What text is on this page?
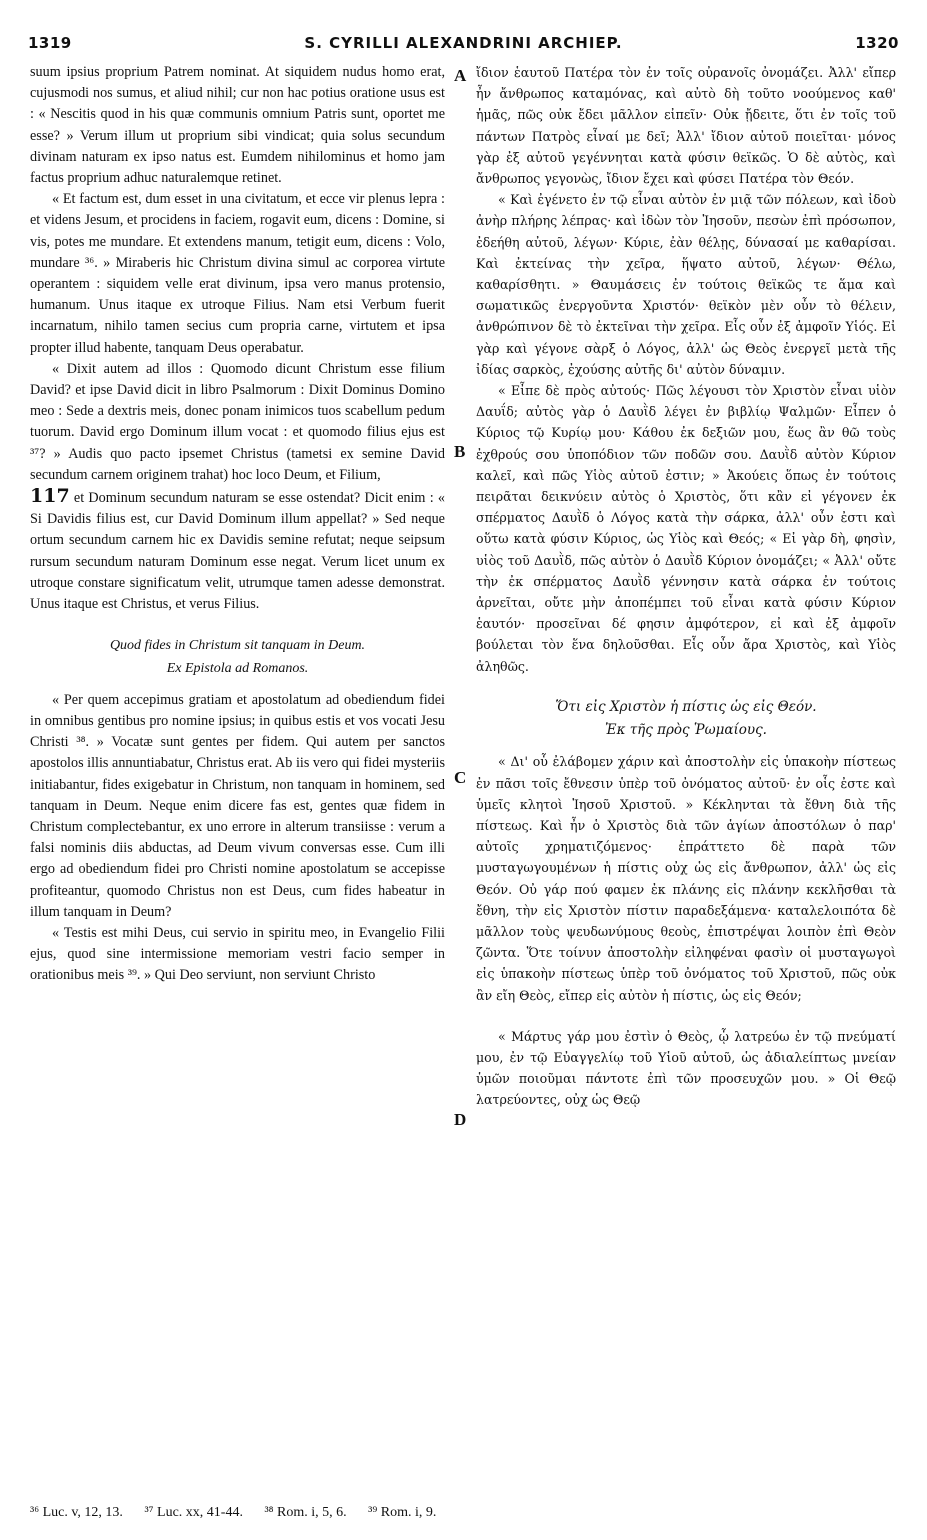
1319	S. CYRILLI ALEXANDRINI ARCHIEP.	1320

suum ipsius proprium Patrem nominat. At siquidem nudus homo erat, cujusmodi nos sumus, et aliud nihil; cur non hac potius oratione usus est : « Nescitis quod in his quæ communis omnium Patris sunt, oportet me esse? » Verum illum ut proprium sibi vindicat; quia solus secundum divinam naturam ex ipso natus est. Eumdem nihilominus et homo jam factus proprium adhuc naturalemque retinet.

« Et factum est, dum esset in una civitatum, et ecce vir plenus lepra : et videns Jesum, et procidens in faciem, rogavit eum, dicens : Domine, si vis, potes me mundare. Et extendens manum, tetigit eum, dicens : Volo, mundare ³⁶. » Miraberis hic Christum divina simul ac corporea virtute operantem : siquidem velle erat divinum, ipsa vero manus protensio, humanum. Unus itaque ex utroque Filius. Nam etsi Verbum fuerit incarnatum, nihilo tamen secius cum propria carne, virtutem et ipsa propter illud habente, tanquam Deus operabatur.

« Dixit autem ad illos : Quomodo dicunt Christum esse filium David? et ipse David dicit in libro Psalmorum : Dixit Dominus Domino meo : Sede a dextris meis, donec ponam inimicos tuos scabellum pedum tuorum. David ergo Dominum illum vocat : et quomodo filius ejus est ³⁷? » Audis quo pacto ipsemet Christus (tametsi ex semine David secundum carnem originem trahat) hoc loco Deum, et Filium,

117 et Dominum secundum naturam se esse ostendat? Dicit enim : « Si Davidis filius est, cur David Dominum illum appellat? » Sed neque ortum secundum carnem hic ex Davidis semine refutat; neque seipsum rursum secundum naturam Dominum esse negat. Verum licet unum ex utroque constare significatum velit, utrumque tamen adesse demonstrat. Unus itaque est Christus, et verus Filius.

Quod fides in Christum sit tanquam in Deum.

Ex Epistola ad Romanos.

« Per quem accepimus gratiam et apostolatum ad obediendum fidei in omnibus gentibus pro nomine ipsius; in quibus estis et vos vocati Jesu Christi ³⁸. » Vocatæ sunt gentes per fidem. Qui autem per sanctos apostolos illis annuntiabatur, Christus erat. Ab iis vero qui fidei mysteriis initiabantur, fides exigebatur in Christum, non tanquam in hominem, sed tanquam in Deum. Neque enim dicere fas est, gentes quæ fidem in Christum complectebantur, ex uno errore in alterum transiisse : verum a falsi nominis diis abductas, ad Deum vivum conversas esse. Cum illi ergo ad obediendum fidei pro Christi nomine apostolatum se accepisse profiteantur, quomodo Christus non est Deus, cum fides habeatur in illum tanquam in Deum?

« Testis est mihi Deus, cui servio in spiritu meo, in Evangelio Filii ejus, quod sine intermissione memoriam vestri facio semper in orationibus meis ³⁹. » Qui Deo serviunt, non serviunt Christo

ἴδιον ἑαυτοῦ Πατέρα τὸν ἐν τοῖς οὐρανοῖς ὀνομάζει. Ἀλλ' εἴπερ ἦν ἄνθρωπος καταμόνας, καὶ αὐτὸ δὴ τοῦτο νοούμενος καθ' ἡμᾶς, πῶς οὐκ ἔδει μᾶλλον εἰπεῖν· Οὐκ ᾔδειτε, ὅτι ἐν τοῖς τοῦ πάντων Πατρὸς εἶναί με δεῖ; Ἀλλ' ἴδιον αὐτοῦ ποιεῖται· μόνος γὰρ ἐξ αὐτοῦ γεγέννηται κατὰ φύσιν θεϊκῶς. Ὁ δὲ αὐτὸς, καὶ ἄνθρωπος γεγονὼς, ἴδιον ἔχει καὶ φύσει Πατέρα τὸν Θεόν.

« Καὶ ἐγένετο ἐν τῷ εἶναι αὐτὸν ἐν μιᾷ τῶν πόλεων, καὶ ἰδοὺ ἀνὴρ πλήρης λέπρας· καὶ ἰδὼν τὸν Ἰησοῦν, πεσὼν ἐπὶ πρόσωπον, ἐδεήθη αὐτοῦ, λέγων· Κύριε, ἐὰν θέλῃς, δύνασαί με καθαρίσαι. Καὶ ἐκτείνας τὴν χεῖρα, ἥψατο αὐτοῦ, λέγων· Θέλω, καθαρίσθητι. » Θαυμάσεις ἐν τούτοις θεϊκῶς τε ἅμα καὶ σωματικῶς ἐνεργοῦντα Χριστόν· θεϊκὸν μὲν οὖν τὸ θέλειν, ἀνθρώπινον δὲ τὸ ἐκτεῖναι τὴν χεῖρα. Εἷς οὖν ἐξ ἀμφοῖν Υἱός. Εἰ γὰρ καὶ γέγονε σὰρξ ὁ Λόγος, ἀλλ' ὡς Θεὸς ἐνεργεῖ μετὰ τῆς ἰδίας σαρκὸς, ἐχούσης αὐτῆς δι' αὐτὸν δύναμιν.

« Εἶπε δὲ πρὸς αὐτούς· Πῶς λέγουσι τὸν Χριστὸν εἶναι υἱὸν Δαυΐδ; αὐτὸς γὰρ ὁ Δαυῒδ λέγει ἐν βιβλίῳ Ψαλμῶν· Εἶπεν ὁ Κύριος τῷ Κυρίῳ μου· Κάθου ἐκ δεξιῶν μου, ἕως ἂν θῶ τοὺς ἐχθρούς σου ὑποπόδιον τῶν ποδῶν σου. Δαυῒδ αὐτὸν Κύριον καλεῖ, καὶ πῶς Υἱὸς αὐτοῦ ἐστιν; » Ἀκούεις ὅπως ἐν τούτοις πειρᾶται δεικνύειν αὐτὸς ὁ Χριστὸς, ὅτι κἂν εἰ γέγονεν ἐκ σπέρματος Δαυῒδ ὁ Λόγος κατὰ τὴν σάρκα, ἀλλ' οὖν ἐστι καὶ οὕτω κατὰ φύσιν Κύριος, ὡς Υἱὸς καὶ Θεός; « Εἰ γὰρ δὴ, φησὶν, υἱὸς τοῦ Δαυῒδ, πῶς αὐτὸν ὁ Δαυῒδ Κύριον ὀνομάζει; « Ἀλλ' οὔτε τὴν ἐκ σπέρματος Δαυῒδ γέννησιν κατὰ σάρκα ἐν τούτοις ἀρνεῖται, οὔτε μὴν ἀποπέμπει τοῦ εἶναι κατὰ φύσιν Κύριον ἑαυτόν· προσεῖναι δέ φησιν ἀμφότερον, εἰ καὶ ἐξ ἀμφοῖν βούλεται τὸν ἕνα δηλοῦσθαι. Εἷς οὖν ἄρα Χριστὸς, καὶ Υἱὸς ἀληθῶς.

Ὅτι εἰς Χριστὸν ἡ πίστις ὡς εἰς Θεόν.

Ἐκ τῆς πρὸς Ῥωμαίους.

« Δι' οὗ ἐλάβομεν χάριν καὶ ἀποστολὴν εἰς ὑπακοὴν πίστεως ἐν πᾶσι τοῖς ἔθνεσιν ὑπὲρ τοῦ ὀνόματος αὐτοῦ· ἐν οἷς ἐστε καὶ ὑμεῖς κλητοὶ Ἰησοῦ Χριστοῦ. » Κέκληνται τὰ ἔθνη διὰ τῆς πίστεως. Καὶ ἦν ὁ Χριστὸς διὰ τῶν ἁγίων ἀποστόλων ὁ παρ' αὐτοῖς χρηματιζόμενος· ἐπράττετο δὲ παρὰ τῶν μυσταγωγουμένων ἡ πίστις οὐχ ὡς εἰς ἄνθρωπον, ἀλλ' ὡς εἰς Θεόν. Οὐ γάρ πού φαμεν ἐκ πλάνης εἰς πλάνην κεκλῆσθαι τὰ ἔθνη, τὴν εἰς Χριστὸν πίστιν παραδεξάμενα· καταλελοιπότα δὲ μᾶλλον τοὺς ψευδωνύμους θεοὺς, ἐπιστρέψαι λοιπὸν ἐπὶ Θεὸν ζῶντα. Ὅτε τοίνυν ἀποστολὴν εἰληφέναι φασὶν οἱ μυσταγωγοὶ εἰς ὑπακοὴν πίστεως ὑπὲρ τοῦ ὀνόματος τοῦ Χριστοῦ, πῶς οὐκ ἂν εἴη Θεὸς, εἴπερ εἰς αὐτὸν ἡ πίστις, ὡς εἰς Θεόν;

« Μάρτυς γάρ μου ἐστὶν ὁ Θεὸς, ᾧ λατρεύω ἐν τῷ πνεύματί μου, ἐν τῷ Εὐαγγελίῳ τοῦ Υἱοῦ αὐτοῦ, ὡς ἀδιαλείπτως μνείαν ὑμῶν ποιοῦμαι πάντοτε ἐπὶ τῶν προσευχῶν μου. » Οἱ Θεῷ λατρεύοντες, οὐχ ὡς Θεῷ

A
B
C
D
³⁶ Luc. v, 12, 13. ³⁷ Luc. xx, 41-44. ³⁸ Rom. i, 5, 6. ³⁹ Rom. i, 9.
